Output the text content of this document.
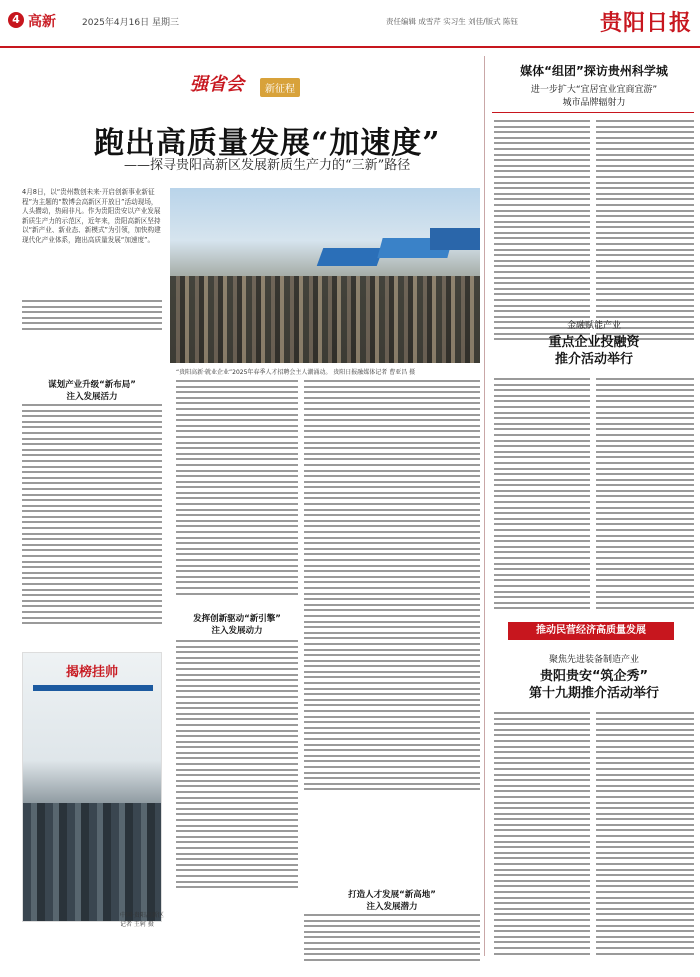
4 高新	2025年4月16日 星期三	责任编辑 成雪芹 实习生 刘佳/版式 陈钰	贵阳日报
强省会	新征程
跑出高质量发展“加速度”
——探寻贵阳高新区发展新质生产力的“三新”路径
4月8日，以“贵州数创未来·开启创新事业新征程”为主题的“数博会高新区开放日”活动现场，人头攒动，热闹非凡。作为贵阳贵安以产业发展新质生产力的示范区，近年来，贵阳高新区坚持以“新产业、新业态、新模式”为引领，加快构建现代化产业体系，跑出高质量发展“加速度”。
“贵阳高新·就业企业”2025年春季人才招聘会主人潮涌动。 贵阳日报融媒体记者 曹亚昌 摄
谋划产业升级“新布局”
注入发展活力
揭榜挂帅
中国·贵阳高新区
记者 王轲 摄
发挥创新驱动“新引擎”
注入发展动力
打造人才发展“新高地”
注入发展潜力
媒体“组团”探访贵州科学城
进一步扩大“宜居宜业宜商宜游”
城市品牌辐射力
金融赋能产业
重点企业投融资
推介活动举行
推动民营经济高质量发展
聚焦先进装备制造产业
贵阳贵安“筑企秀”
第十九期推介活动举行
